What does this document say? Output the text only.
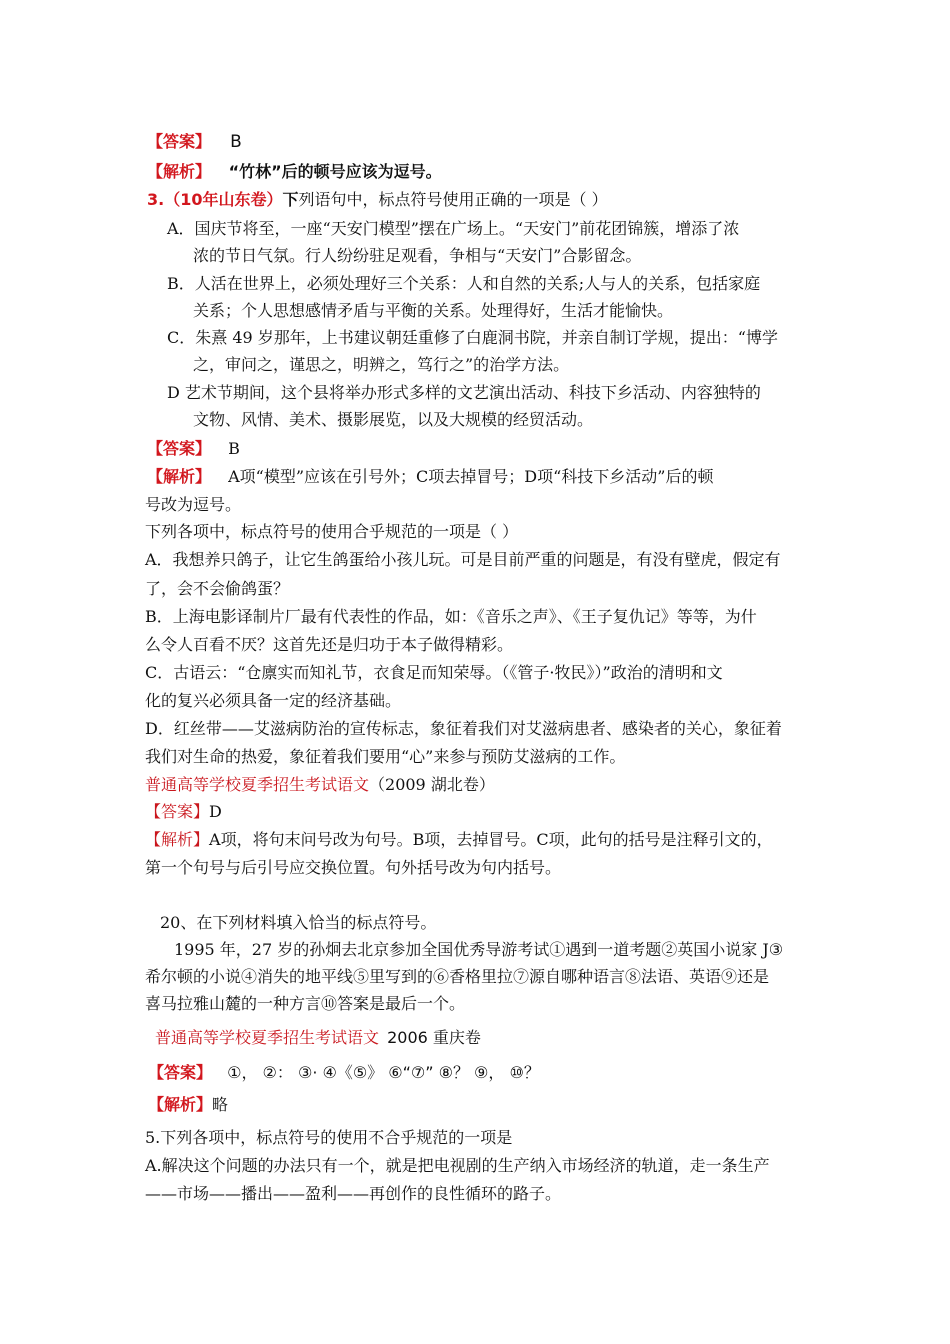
【答案】 B
【解析】 “竹林”后的顿号应该为逗号。
3.（10年山东卷）下列语句中，标点符号使用正确的一项是（ ）
A．国庆节将至，一座“天安门模型”摆在广场上。“天安门”前花团锦簇，增添了浓
浓的节日气氛。行人纷纷驻足观看，争相与“天安门”合影留念。
B．人活在世界上，必须处理好三个关系：人和自然的关系;人与人的关系，包括家庭
关系；个人思想感情矛盾与平衡的关系。处理得好，生活才能愉快。
C．朱熹 49 岁那年，上书建议朝廷重修了白鹿洞书院，并亲自制订学规，提出：“博学
之，审问之，谨思之，明辨之，笃行之”的治学方法。
D 艺术节期间，这个县将举办形式多样的文艺演出活动、科技下乡活动、内容独特的
文物、风情、美术、摄影展览，以及大规模的经贸活动。
【答案】 B
【解析】 A项“模型”应该在引号外；C项去掉冒号；D项“科技下乡活动”后的顿
号改为逗号。
下列各项中，标点符号的使用合乎规范的一项是（ ）
A．我想养只鸽子，让它生鸽蛋给小孩儿玩。可是目前严重的问题是，有没有壁虎，假定有
了，会不会偷鸽蛋？
B．上海电影译制片厂最有代表性的作品，如：《音乐之声》、《王子复仇记》等等，为什
么令人百看不厌？这首先还是归功于本子做得精彩。
C．古语云：“仓廪实而知礼节，衣食足而知荣辱。（《管子·牧民》）”政治的清明和文
化的复兴必须具备一定的经济基础。
D．红丝带——艾滋病防治的宣传标志，象征着我们对艾滋病患者、感染者的关心，象征着
我们对生命的热爱，象征着我们要用“心”来参与预防艾滋病的工作。
普通高等学校夏季招生考试语文（2009 湖北卷）
【答案】D
【解析】A项，将句末问号改为句号。B项，去掉冒号。C项，此句的括号是注释引文的，
第一个句号与后引号应交换位置。句外括号改为句内括号。
20、在下列材料填入恰当的标点符号。
1995 年，27 岁的孙炯去北京参加全国优秀导游考试①遇到一道考题②英国小说家 J③
希尔顿的小说④消失的地平线⑤里写到的⑥香格里拉⑦源自哪种语言⑧法语、英语⑨还是
喜马拉雅山麓的一种方言⑩答案是最后一个。
普通高等学校夏季招生考试语文 2006 重庆卷
【答案】 ①， ②： ③· ④《⑤》 ⑥“⑦” ⑧？ ⑨， ⑩？
【解析】略
5.下列各项中，标点符号的使用不合乎规范的一项是
A.解决这个问题的办法只有一个，就是把电视剧的生产纳入市场经济的轨道，走一条生产
——市场——播出——盈利——再创作的良性循环的路子。
